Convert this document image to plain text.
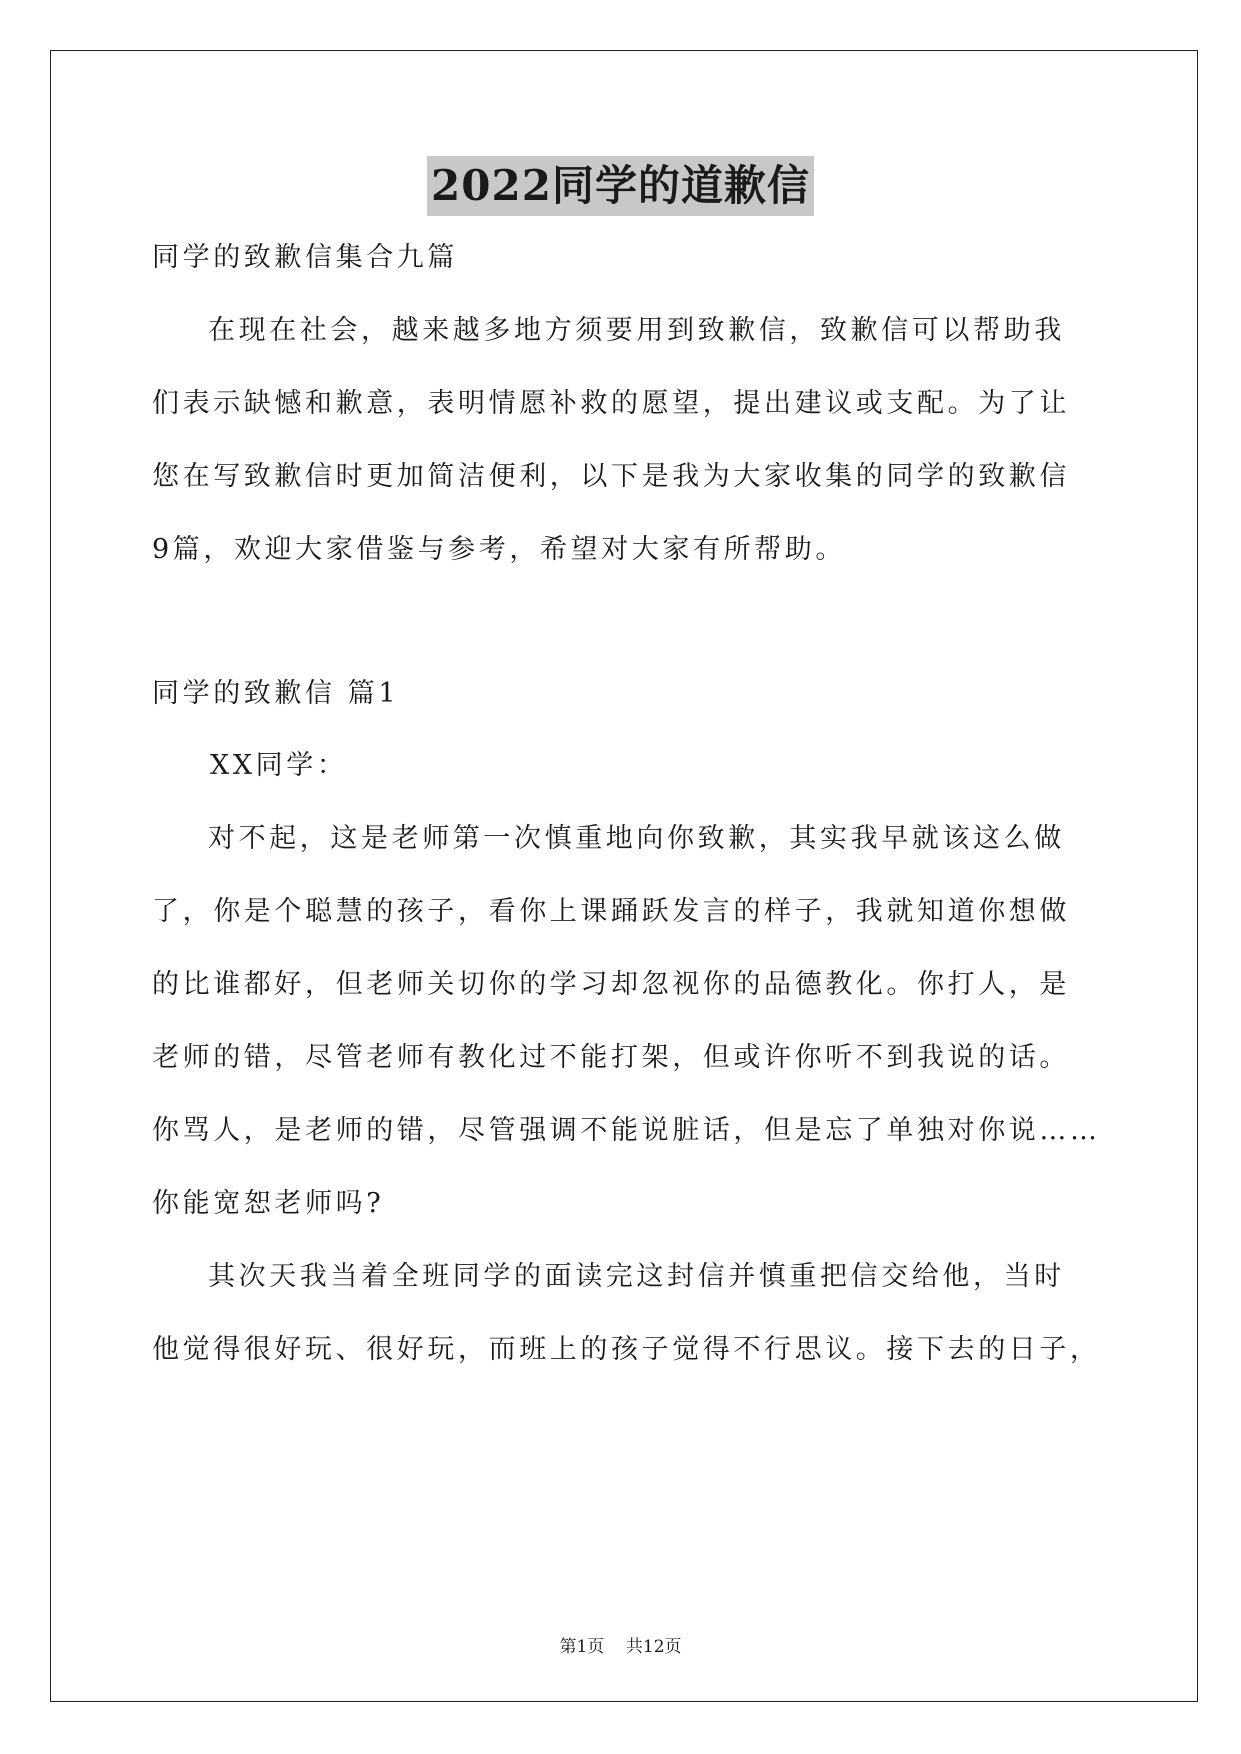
2022同学的道歉信

同学的致歉信集合九篇

在现在社会，越来越多地方须要用到致歉信，致歉信可以帮助我

们表示缺憾和歉意，表明情愿补救的愿望，提出建议或支配。为了让

您在写致歉信时更加简洁便利，以下是我为大家收集的同学的致歉信

9篇，欢迎大家借鉴与参考，希望对大家有所帮助。

同学的致歉信 篇1

XX同学：

对不起，这是老师第一次慎重地向你致歉，其实我早就该这么做

了，你是个聪慧的孩子，看你上课踊跃发言的样子，我就知道你想做

的比谁都好，但老师关切你的学习却忽视你的品德教化。你打人，是

老师的错，尽管老师有教化过不能打架，但或许你听不到我说的话。

你骂人，是老师的错，尽管强调不能说脏话，但是忘了单独对你说……

你能宽恕老师吗?

其次天我当着全班同学的面读完这封信并慎重把信交给他，当时

他觉得很好玩、很好玩，而班上的孩子觉得不行思议。接下去的日子，

第1页 共12页
